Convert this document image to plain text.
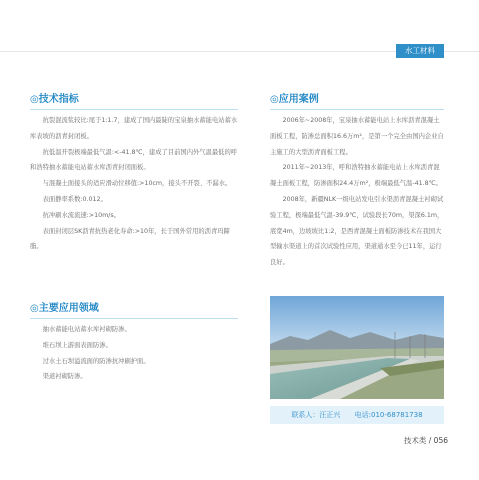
水工材料
◎技术指标

抗裂混流浆较比:尾于1:1.7，建成了国内最陡的宝泉抽水蓄能电站蓄水库表坡的沥青封闭板。

抗低温开裂极端最低气温:<-41.8℃，建成了目前国内外气温最低的呼和浩特抽水蓄能电站蓄水库沥青封闭面板。

与混凝土面接头的适应滑动位移值:>10cm，接头不开裂、不漏水。

表面静率系数:0.012。

抗冲刷水流流速:>10m/s。

表面封闭层SK沥青抗热老化寿命:>10年，长于国外常用的沥青玛蹄脂。

◎应用案例

2006年~2008年，宝泉抽水蓄能电站上水库沥青混凝土面板工程，防渗总面积16.6万m²，是第一个完全由国内企业自主施工的大型沥青面板工程。

2011年~2013年，呼和浩特抽水蓄能电站上水库沥青混凝土面板工程，防渗面积24.4万m²，极端最低气温-41.8℃。

2008年，新疆NLK一级电站发电引水渠沥青混凝土衬砌试验工程，极端最低气温-39.9℃，试验段长70m，渠深6.1m，底宽4m，边坡坡比1:2，是西青混凝土面板防渗技术在我国大型输水渠道上的首次试验性应用，渠道通水至今已11年，运行良好。

◎主要应用领域

抽水蓄能电站蓄水库衬砌防渗。

堆石坝上游面表面防渗。

过水土石坝溢流面的防渗抗冲刷护面。

渠道衬砌防渗。

联系人：汪正兴 电话:010-68781738
技术类 / 056
